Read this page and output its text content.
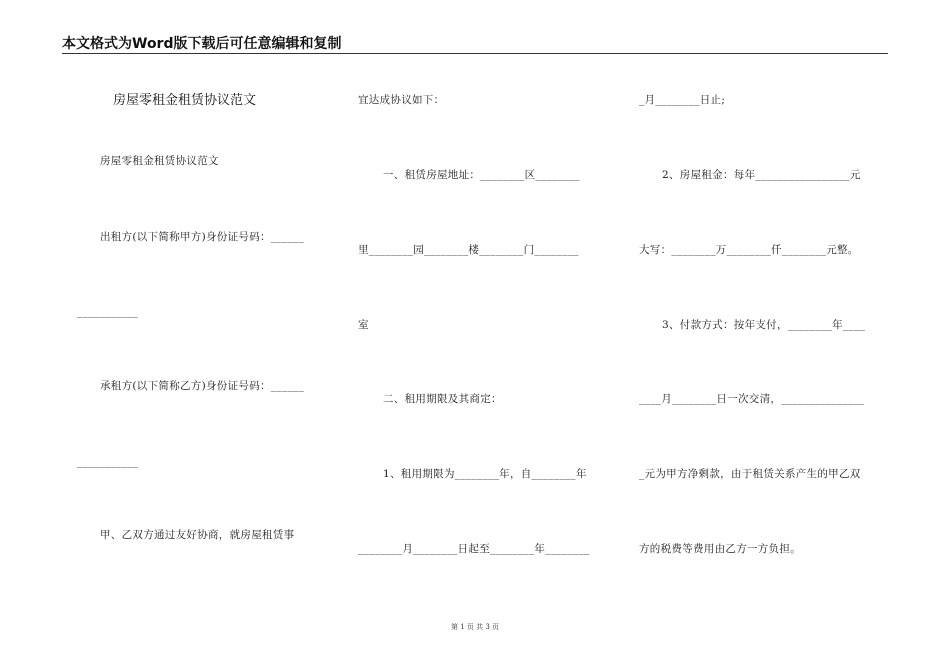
本文格式为Word版下载后可任意编辑和复制
房屋零租金租赁协议范文
房屋零租金租赁协议范文
出租方(以下简称甲方)身份证号码：______
___________
承租方(以下简称乙方)身份证号码：______
___________
甲、乙双方通过友好协商，就房屋租赁事
宜达成协议如下：
一、租赁房屋地址：________区________
里________园________楼________门________
室
二、租用期限及其商定：
1、租用期限为________年，自________年
________月________日起至________年________
_月________日止;
2、房屋租金：每年_________________元
大写：________万________仟________元整。
3、付款方式：按年支付，________年____
____月________日一次交清，_______________
_元为甲方净剩款，由于租赁关系产生的甲乙双
方的税费等费用由乙方一方负担。
第 1 页 共 3 页
